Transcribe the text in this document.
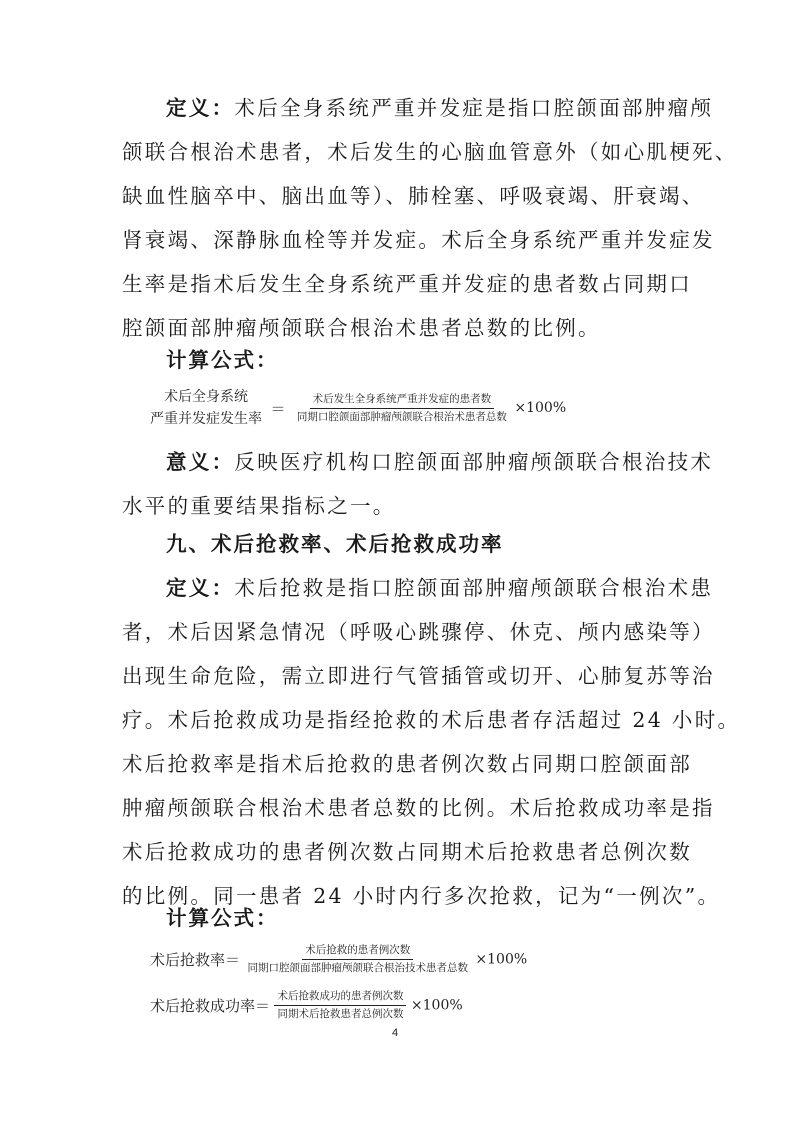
定义：术后全身系统严重并发症是指口腔颌面部肿瘤颅
颌联合根治术患者，术后发生的心脑血管意外（如心肌梗死、
缺血性脑卒中、脑出血等）、肺栓塞、呼吸衰竭、肝衰竭、
肾衰竭、深静脉血栓等并发症。术后全身系统严重并发症发
生率是指术后发生全身系统严重并发症的患者数占同期口
腔颌面部肿瘤颅颌联合根治术患者总数的比例。
计算公式：
术后全身系统
严重并发症发生率
＝ $\frac{\text{术后发生全身系统严重并发症的患者数}}{\text{同期口腔颌面部肿瘤颅颌联合根治术患者总数}} \times 100\%$
意义：反映医疗机构口腔颌面部肿瘤颅颌联合根治技术
水平的重要结果指标之一。
九、术后抢救率、术后抢救成功率
定义：术后抢救是指口腔颌面部肿瘤颅颌联合根治术患
者，术后因紧急情况（呼吸心跳骤停、休克、颅内感染等）
出现生命危险，需立即进行气管插管或切开、心肺复苏等治
疗。术后抢救成功是指经抢救的术后患者存活超过 24 小时。
术后抢救率是指术后抢救的患者例次数占同期口腔颌面部
肿瘤颅颌联合根治术患者总数的比例。术后抢救成功率是指
术后抢救成功的患者例次数占同期术后抢救患者总例次数
的比例。同一患者 24 小时内行多次抢救，记为“一例次”。
计算公式：
术后抢救率＝ $\frac{\text{术后抢救的患者例次数}}{\text{同期口腔颌面部肿瘤颅颌联合根治技术患者总数}} \times 100\%$
术后抢救成功率＝ $\frac{\text{术后抢救成功的患者例次数}}{\text{同期术后抢救患者总例次数}} \times 100\%$
4
